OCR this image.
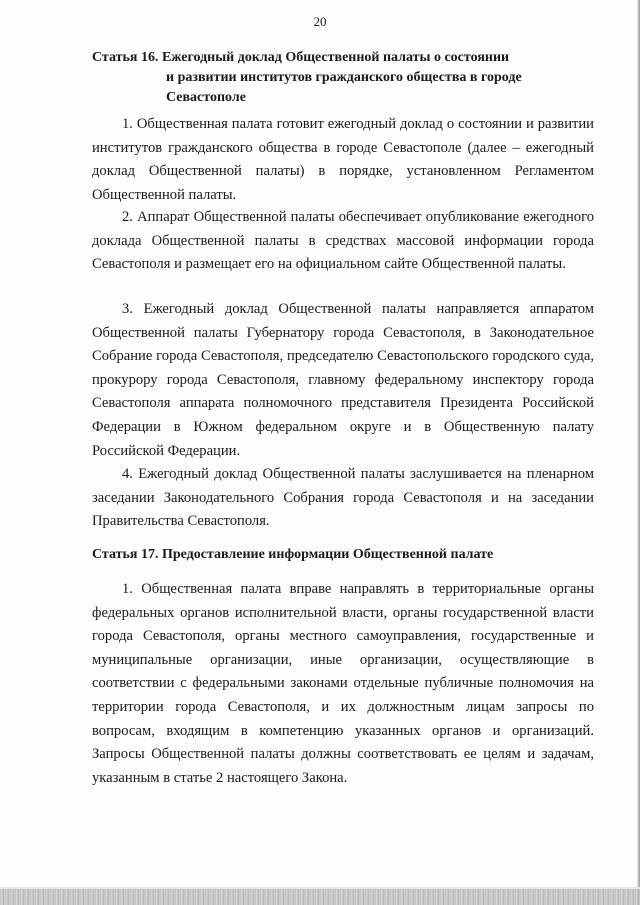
20
Статья 16. Ежегодный доклад Общественной палаты о состоянии
и развитии институтов гражданского общества в городе
Севастополе

1. Общественная палата готовит ежегодный доклад о состоянии и развитии институтов гражданского общества в городе Севастополе (далее – ежегодный доклад Общественной палаты) в порядке, установленном Регламентом Общественной палаты.

2. Аппарат Общественной палаты обеспечивает опубликование ежегодного доклада Общественной палаты в средствах массовой информации города Севастополя и размещает его на официальном сайте Общественной палаты.

3. Ежегодный доклад Общественной палаты направляется аппаратом Общественной палаты Губернатору города Севастополя, в Законодательное Собрание города Севастополя, председателю Севастопольского городского суда, прокурору города Севастополя, главному федеральному инспектору города Севастополя аппарата полномочного представителя Президента Российской Федерации в Южном федеральном округе и в Общественную палату Российской Федерации.

4. Ежегодный доклад Общественной палаты заслушивается на пленарном заседании Законодательного Собрания города Севастополя и на заседании Правительства Севастополя.

Статья 17. Предоставление информации Общественной палате

1. Общественная палата вправе направлять в территориальные органы федеральных органов исполнительной власти, органы государственной власти города Севастополя, органы местного самоуправления, государственные и муниципальные организации, иные организации, осуществляющие в соответствии с федеральными законами отдельные публичные полномочия на территории города Севастополя, и их должностным лицам запросы по вопросам, входящим в компетенцию указанных органов и организаций. Запросы Общественной палаты должны соответствовать ее целям и задачам, указанным в статье 2 настоящего Закона.
